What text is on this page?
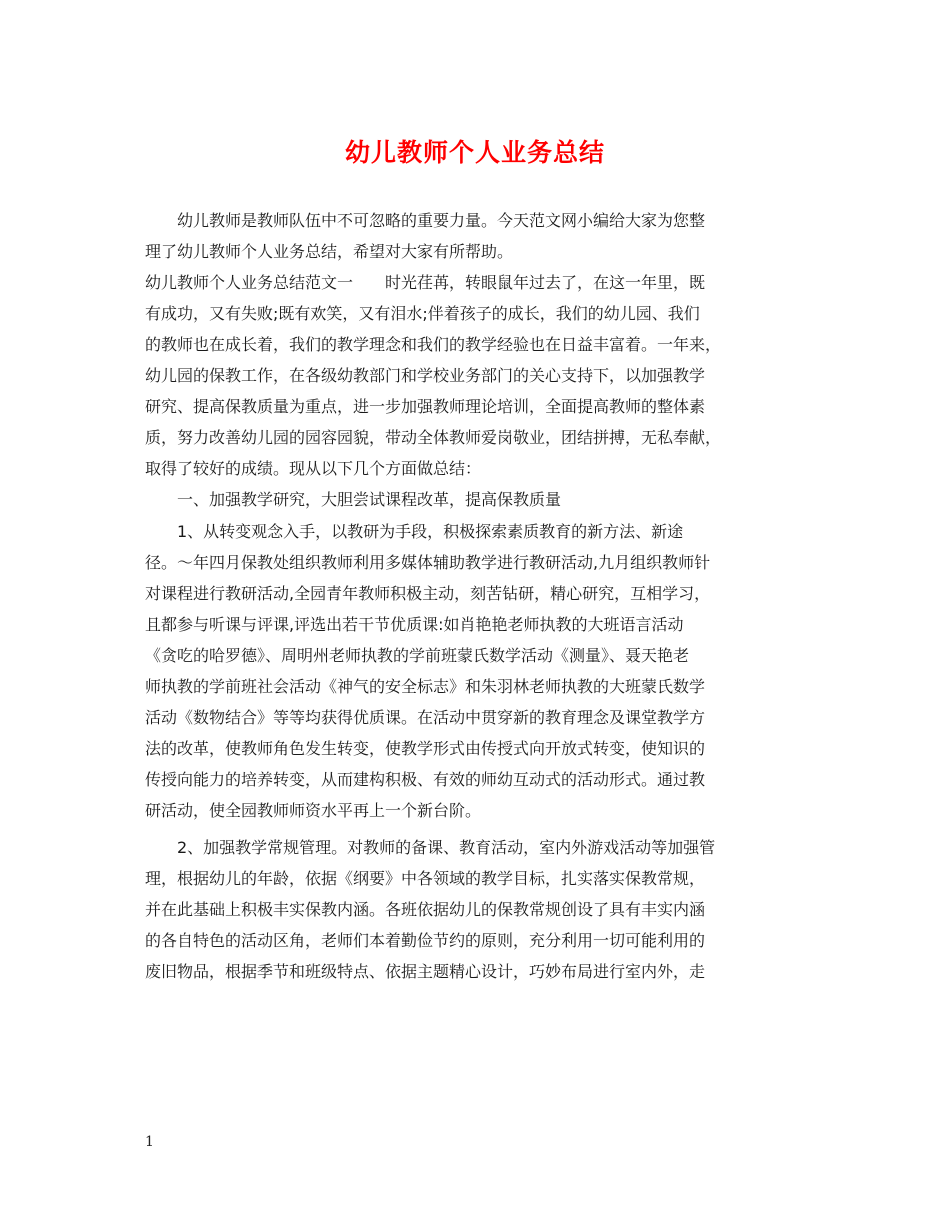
幼儿教师个人业务总结

幼儿教师是教师队伍中不可忽略的重要力量。今天范文网小编给大家为您整
理了幼儿教师个人业务总结，希望对大家有所帮助。

幼儿教师个人业务总结范文一　　时光荏苒，转眼鼠年过去了，在这一年里，既
有成功，又有失败;既有欢笑，又有泪水;伴着孩子的成长，我们的幼儿园、我们
的教师也在成长着，我们的教学理念和我们的教学经验也在日益丰富着。一年来，
幼儿园的保教工作，在各级幼教部门和学校业务部门的关心支持下，以加强教学
研究、提高保教质量为重点，进一步加强教师理论培训，全面提高教师的整体素
质，努力改善幼儿园的园容园貌，带动全体教师爱岗敬业，团结拼搏，无私奉献，
取得了较好的成绩。现从以下几个方面做总结：

一、加强教学研究，大胆尝试课程改革，提高保教质量

1、从转变观念入手，以教研为手段，积极探索素质教育的新方法、新途
径。～年四月保教处组织教师利用多媒体辅助教学进行教研活动,九月组织教师针
对课程进行教研活动,全园青年教师积极主动，刻苦钻研，精心研究，互相学习，
且都参与听课与评课,评选出若干节优质课:如肖艳艳老师执教的大班语言活动
《贪吃的哈罗德》、周明州老师执教的学前班蒙氏数学活动《测量》、聂天艳老
师执教的学前班社会活动《神气的安全标志》和朱羽林老师执教的大班蒙氏数学
活动《数物结合》等等均获得优质课。在活动中贯穿新的教育理念及课堂教学方
法的改革，使教师角色发生转变，使教学形式由传授式向开放式转变，使知识的
传授向能力的培养转变，从而建构积极、有效的师幼互动式的活动形式。通过教
研活动，使全园教师师资水平再上一个新台阶。

2、加强教学常规管理。对教师的备课、教育活动，室内外游戏活动等加强管
理，根据幼儿的年龄，依据《纲要》中各领域的教学目标，扎实落实保教常规，
并在此基础上积极丰实保教内涵。各班依据幼儿的保教常规创设了具有丰实内涵
的各自特色的活动区角，老师们本着勤俭节约的原则，充分利用一切可能利用的
废旧物品，根据季节和班级特点、依据主题精心设计，巧妙布局进行室内外，走

1
